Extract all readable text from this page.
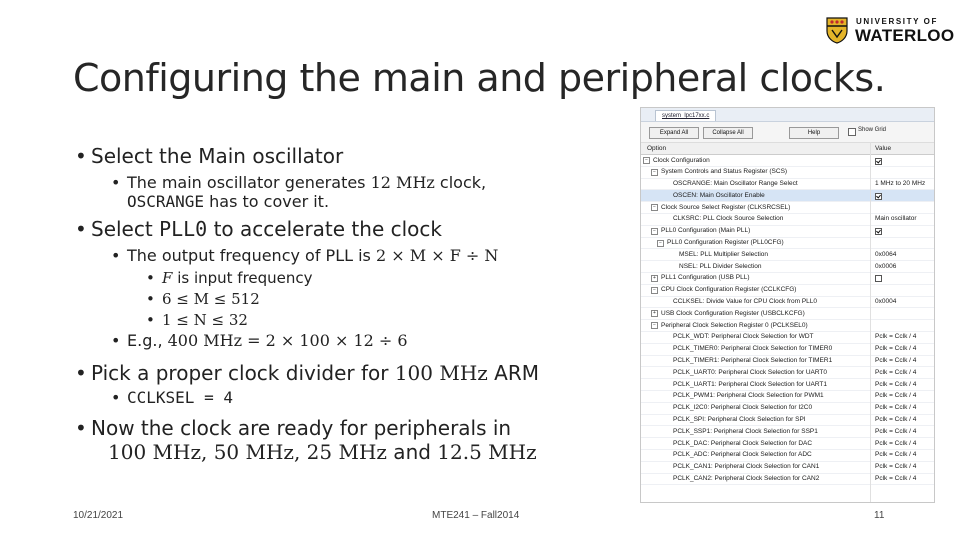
UNIVERSITY OF
WATERLOO
Configuring the main and peripheral clocks.
• Select the Main oscillator
• The main oscillator generates 12 MHz clock,
OSCRANGE has to cover it.
• Select PLL0 to accelerate the clock
• The output frequency of PLL is 2 × M × F ÷ N
• F is input frequency
• 6 ≤ M ≤ 512
• 1 ≤ N ≤ 32
• E.g., 400 MHz = 2 × 100 × 12 ÷ 6
• Pick a proper clock divider for 100 MHz ARM
• CCLKSEL = 4
• Now the clock are ready for peripherals in
100 MHz, 50 MHz, 25 MHz and 12.5 MHz
system_lpc17xx.c
Expand All	Collapse All	Help	Show Grid
Option	Value
− Clock Configuration
− System Controls and Status Register (SCS)
OSCRANGE: Main Oscillator Range Select	1 MHz to 20 MHz
OSCEN: Main Oscillator Enable
− Clock Source Select Register (CLKSRCSEL)
CLKSRC: PLL Clock Source Selection	Main oscillator
− PLL0 Configuration (Main PLL)
− PLL0 Configuration Register (PLL0CFG)
MSEL: PLL Multiplier Selection	0x0064
NSEL: PLL Divider Selection	0x0006
+ PLL1 Configuration (USB PLL)
− CPU Clock Configuration Register (CCLKCFG)
CCLKSEL: Divide Value for CPU Clock from PLL0	0x0004
+ USB Clock Configuration Register (USBCLKCFG)
− Peripheral Clock Selection Register 0 (PCLKSEL0)
PCLK_WDT: Peripheral Clock Selection for WDT	Pclk = Cclk / 4
PCLK_TIMER0: Peripheral Clock Selection for TIMER0	Pclk = Cclk / 4
PCLK_TIMER1: Peripheral Clock Selection for TIMER1	Pclk = Cclk / 4
PCLK_UART0: Peripheral Clock Selection for UART0	Pclk = Cclk / 4
PCLK_UART1: Peripheral Clock Selection for UART1	Pclk = Cclk / 4
PCLK_PWM1: Peripheral Clock Selection for PWM1	Pclk = Cclk / 4
PCLK_I2C0: Peripheral Clock Selection for I2C0	Pclk = Cclk / 4
PCLK_SPI: Peripheral Clock Selection for SPI	Pclk = Cclk / 4
PCLK_SSP1: Peripheral Clock Selection for SSP1	Pclk = Cclk / 4
PCLK_DAC: Peripheral Clock Selection for DAC	Pclk = Cclk / 4
PCLK_ADC: Peripheral Clock Selection for ADC	Pclk = Cclk / 4
PCLK_CAN1: Peripheral Clock Selection for CAN1	Pclk = Cclk / 4
PCLK_CAN2: Peripheral Clock Selection for CAN2	Pclk = Cclk / 4
10/21/2021	MTE241 – Fall2014	11
